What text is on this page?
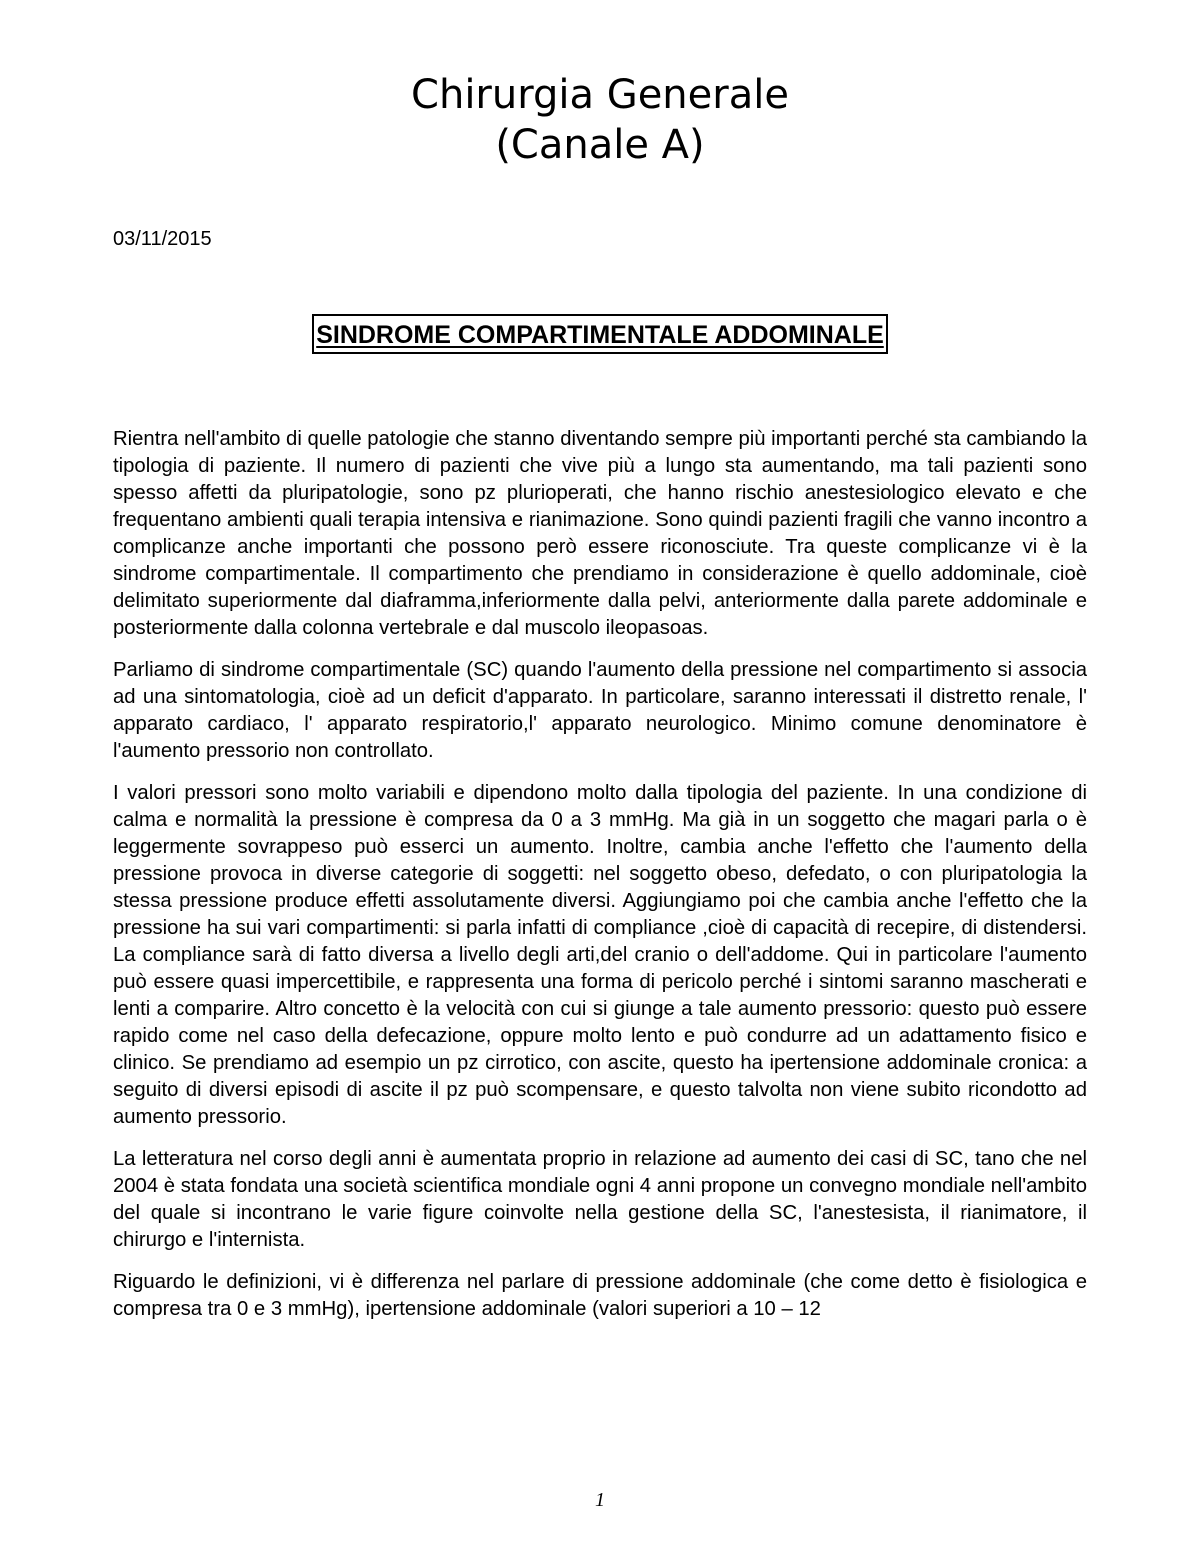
Chirurgia Generale
(Canale A)
03/11/2015
SINDROME COMPARTIMENTALE ADDOMINALE

Rientra nell'ambito di quelle patologie che stanno diventando sempre più importanti perché sta cambiando la tipologia di paziente. Il numero di pazienti che vive più a lungo sta aumentando, ma tali pazienti sono spesso affetti da pluripatologie, sono pz plurioperati, che hanno rischio anestesiologico elevato e che frequentano ambienti quali terapia intensiva e rianimazione. Sono quindi pazienti fragili che vanno incontro a complicanze anche importanti che possono però essere riconosciute. Tra queste complicanze vi è la sindrome compartimentale. Il compartimento che prendiamo in considerazione è quello addominale, cioè delimitato superiormente dal diaframma,inferiormente dalla pelvi, anteriormente dalla parete addominale e posteriormente dalla colonna vertebrale e dal muscolo ileopasoas.

Parliamo di sindrome compartimentale (SC) quando l'aumento della pressione nel compartimento si associa ad una sintomatologia, cioè ad un deficit d'apparato. In particolare, saranno interessati il distretto renale, l' apparato cardiaco, l' apparato respiratorio,l' apparato neurologico. Minimo comune denominatore è l'aumento pressorio non controllato.

I valori pressori sono molto variabili e dipendono molto dalla tipologia del paziente. In una condizione di calma e normalità la pressione è compresa da 0 a 3 mmHg. Ma già in un soggetto che magari parla o è leggermente sovrappeso può esserci un aumento. Inoltre, cambia anche l'effetto che l'aumento della pressione provoca in diverse categorie di soggetti: nel soggetto obeso, defedato, o con pluripatologia la stessa pressione produce effetti assolutamente diversi. Aggiungiamo poi che cambia anche l'effetto che la pressione ha sui vari compartimenti: si parla infatti di compliance ,cioè di capacità di recepire, di distendersi. La compliance sarà di fatto diversa a livello degli arti,del cranio o dell'addome. Qui in particolare l'aumento può essere quasi impercettibile, e rappresenta una forma di pericolo perché i sintomi saranno mascherati e lenti a comparire. Altro concetto è la velocità con cui si giunge a tale aumento pressorio: questo può essere rapido come nel caso della defecazione, oppure molto lento e può condurre ad un adattamento fisico e clinico. Se prendiamo ad esempio un pz cirrotico, con ascite, questo ha ipertensione addominale cronica: a seguito di diversi episodi di ascite il pz può scompensare, e questo talvolta non viene subito ricondotto ad aumento pressorio.

La letteratura nel corso degli anni è aumentata proprio in relazione ad aumento dei casi di SC, tano che nel 2004 è stata fondata una società scientifica mondiale ogni 4 anni propone un convegno mondiale nell'ambito del quale si incontrano le varie figure coinvolte nella gestione della SC, l'anestesista, il rianimatore, il chirurgo e l'internista.

Riguardo le definizioni, vi è differenza nel parlare di pressione addominale (che come detto è fisiologica e compresa tra 0 e 3 mmHg), ipertensione addominale (valori superiori a 10 – 12

1
